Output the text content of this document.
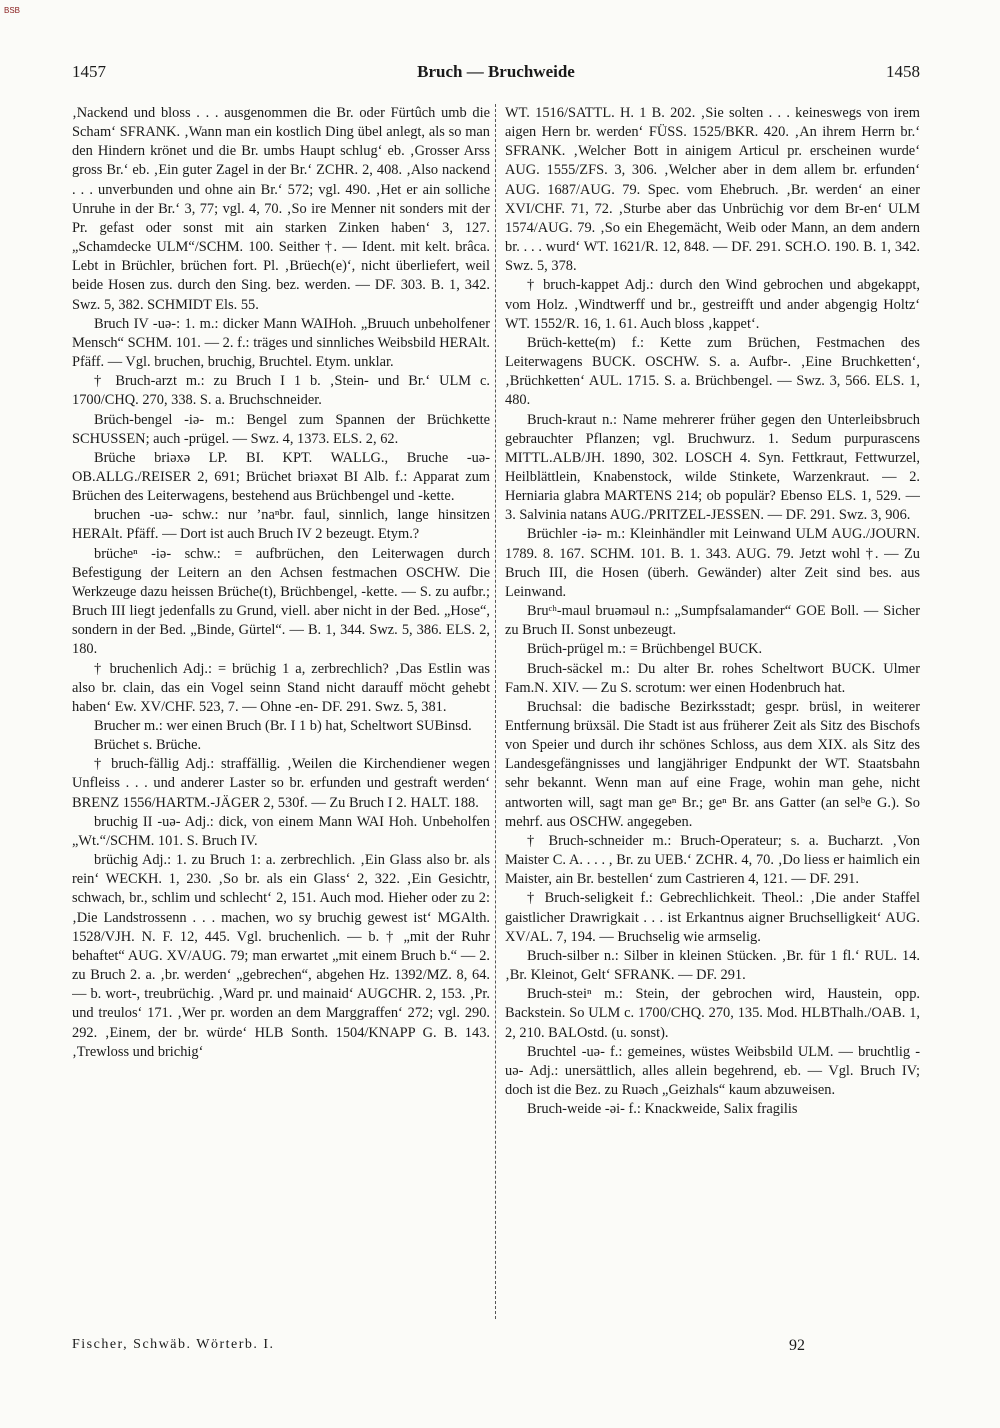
BSB
1457	Bruch — Bruchweide	1458

‚Nackend und bloss . . . ausgenommen die Br. oder Fürtûch umb die Scham‘ SFRANK. ‚Wann man ein kostlich Ding übel anlegt, als so man den Hindern krönet und die Br. umbs Haupt schlug‘ eb. ‚Grosser Arss gross Br.‘ eb. ‚Ein guter Zagel in der Br.‘ ZCHR. 2, 408. ‚Also nackend . . . unverbunden und ohne ain Br.‘ 572; vgl. 490. ‚Het er ain solliche Unruhe in der Br.‘ 3, 77; vgl. 4, 70. ‚So ire Menner nit sonders mit der Pr. gefast oder sonst mit ain starken Zinken haben‘ 3, 127. „Schamdecke ULM“/SCHM. 100. Seither †. — Ident. mit kelt. brâca. Lebt in Brüchler, brüchen fort. Pl. ‚Brüech(e)‘, nicht überliefert, weil beide Hosen zus. durch den Sing. bez. werden. — DF. 303. B. 1, 342. Swz. 5, 382. SCHMIDT Els. 55.

Bruch IV -uə-: 1. m.: dicker Mann WAIHoh. „Bruuch unbeholfener Mensch“ SCHM. 101. — 2. f.: träges und sinnliches Weibsbild HERAlt. Pfäff. — Vgl. bruchen, bruchig, Bruchtel. Etym. unklar.

† Bruch-arzt m.: zu Bruch I 1 b. ‚Stein- und Br.‘ ULM c. 1700/CHQ. 270, 338. S. a. Bruchschneider.

Brüch-bengel -iə- m.: Bengel zum Spannen der Brüchkette SCHUSSEN; auch -prügel. — Swz. 4, 1373. ELS. 2, 62.

Brüche briəxə LP. BI. KPT. WALLG., Bruche -uə- OB.ALLG./REISER 2, 691; Brüchet briəxət BI Alb. f.: Apparat zum Brüchen des Leiterwagens, bestehend aus Brüchbengel und -kette.

bruchen -uə- schw.: nur ’naⁿbr. faul, sinnlich, lange hinsitzen HERAlt. Pfäff. — Dort ist auch Bruch IV 2 bezeugt. Etym.?

brücheⁿ -iə- schw.: = aufbrüchen, den Leiterwagen durch Befestigung der Leitern an den Achsen festmachen OSCHW. Die Werkzeuge dazu heissen Brüche(t), Brüchbengel, -kette. — S. zu aufbr.; Bruch III liegt jedenfalls zu Grund, viell. aber nicht in der Bed. „Hose“, sondern in der Bed. „Binde, Gürtel“. — B. 1, 344. Swz. 5, 386. ELS. 2, 180.

† bruchenlich Adj.: = brüchig 1 a, zerbrechlich? ‚Das Estlin was also br. clain, das ein Vogel seinn Stand nicht darauff möcht gehebt haben‘ Ew. XV/CHF. 523, 7. — Ohne -en- DF. 291. Swz. 5, 381.

Brucher m.: wer einen Bruch (Br. I 1 b) hat, Scheltwort SUBinsd.

Brüchet s. Brüche.

† bruch-fällig Adj.: straffällig. ‚Weilen die Kirchendiener wegen Unfleiss . . . und anderer Laster so br. erfunden und gestraft werden‘ BRENZ 1556/HARTM.-JÄGER 2, 530f. — Zu Bruch I 2. HALT. 188.

bruchig II -uə- Adj.: dick, von einem Mann WAI Hoh. Unbeholfen „Wt.“/SCHM. 101. S. Bruch IV.

brüchig Adj.: 1. zu Bruch 1: a. zerbrechlich. ‚Ein Glass also br. als rein‘ WECKH. 1, 230. ‚So br. als ein Glass‘ 2, 322. ‚Ein Gesichtr, schwach, br., schlim und schlecht‘ 2, 151. Auch mod. Hieher oder zu 2: ‚Die Landstrossenn . . . machen, wo sy bruchig gewest ist‘ MGAlth. 1528/VJH. N. F. 12, 445. Vgl. bruchenlich. — b. † „mit der Ruhr behaftet“ AUG. XV/AUG. 79; man erwartet „mit einem Bruch b.“ — 2. zu Bruch 2. a. ‚br. werden‘ „gebrechen“, abgehen Hz. 1392/MZ. 8, 64. — b. wort-, treubrüchig. ‚Ward pr. und mainaid‘ AUGCHR. 2, 153. ‚Pr. und treulos‘ 171. ‚Wer pr. worden an dem Marggraffen‘ 272; vgl. 290. 292. ‚Einem, der br. würde‘ HLB Sonth. 1504/KNAPP G. B. 143. ‚Trewloss und brichig‘

WT. 1516/SATTL. H. 1 B. 202. ‚Sie solten . . . keineswegs von irem aigen Hern br. werden‘ FÜSS. 1525/BKR. 420. ‚An ihrem Herrn br.‘ SFRANK. ‚Welcher Bott in ainigem Articul pr. erscheinen wurde‘ AUG. 1555/ZFS. 3, 306. ‚Welcher aber in dem allem br. erfunden‘ AUG. 1687/AUG. 79. Spec. vom Ehebruch. ‚Br. werden‘ an einer XVI/CHF. 71, 72. ‚Sturbe aber das Unbrüchig vor dem Br-en‘ ULM 1574/AUG. 79. ‚So ein Ehegemächt, Weib oder Mann, an dem andern br. . . . wurd‘ WT. 1621/R. 12, 848. — DF. 291. SCH.O. 190. B. 1, 342. Swz. 5, 378.

† bruch-kappet Adj.: durch den Wind gebrochen und abgekappt, vom Holz. ‚Windtwerff und br., gestreifft und ander abgengig Holtz‘ WT. 1552/R. 16, 1. 61. Auch bloss ‚kappet‘.

Brüch-kette(m) f.: Kette zum Brüchen, Festmachen des Leiterwagens BUCK. OSCHW. S. a. Aufbr-. ‚Eine Bruchketten‘, ‚Brüchketten‘ AUL. 1715. S. a. Brüchbengel. — Swz. 3, 566. ELS. 1, 480.

Bruch-kraut n.: Name mehrerer früher gegen den Unterleibsbruch gebrauchter Pflanzen; vgl. Bruchwurz. 1. Sedum purpurascens MITTL.ALB/JH. 1890, 302. LOSCH 4. Syn. Fettkraut, Fettwurzel, Heilblättlein, Knabenstock, wilde Stinkete, Warzenkraut. — 2. Herniaria glabra MARTENS 214; ob populär? Ebenso ELS. 1, 529. — 3. Salvinia natans AUG./PRITZEL-JESSEN. — DF. 291. Swz. 3, 906.

Brüchler -iə- m.: Kleinhändler mit Leinwand ULM AUG./JOURN. 1789. 8. 167. SCHM. 101. B. 1. 343. AUG. 79. Jetzt wohl †. — Zu Bruch III, die Hosen (überh. Gewänder) alter Zeit sind bes. aus Leinwand.

Bruᶜʰ-maul bruəməul n.: „Sumpfsalamander“ GOE Boll. — Sicher zu Bruch II. Sonst unbezeugt.

Brüch-prügel m.: = Brüchbengel BUCK.

Bruch-säckel m.: Du alter Br. rohes Scheltwort BUCK. Ulmer Fam.N. XIV. — Zu S. scrotum: wer einen Hodenbruch hat.

Bruchsal: die badische Bezirksstadt; gespr. brüsl, in weiterer Entfernung brüxsäl. Die Stadt ist aus früherer Zeit als Sitz des Bischofs von Speier und durch ihr schönes Schloss, aus dem XIX. als Sitz des Landesgefängnisses und langjähriger Endpunkt der WT. Staatsbahn sehr bekannt. Wenn man auf eine Frage, wohin man gehe, nicht antworten will, sagt man geⁿ Br.; geⁿ Br. ans Gatter (an selᵇe G.). So mehrf. aus OSCHW. angegeben.

† Bruch-schneider m.: Bruch-Operateur; s. a. Bucharzt. ‚Von Maister C. A. . . . , Br. zu UEB.‘ ZCHR. 4, 70. ‚Do liess er haimlich ein Maister, ain Br. bestellen‘ zum Castrieren 4, 121. — DF. 291.

† Bruch-seligkeit f.: Gebrechlichkeit. Theol.: ‚Die ander Staffel gaistlicher Drawrigkait . . . ist Erkantnus aigner Bruchselligkeit‘ AUG. XV/AL. 7, 194. — Bruchselig wie armselig.

Bruch-silber n.: Silber in kleinen Stücken. ‚Br. für 1 fl.‘ RUL. 14. ‚Br. Kleinot, Gelt‘ SFRANK. — DF. 291.

Bruch-steiⁿ m.: Stein, der gebrochen wird, Haustein, opp. Backstein. So ULM c. 1700/CHQ. 270, 135. Mod. HLBThalh./OAB. 1, 2, 210. BALOstd. (u. sonst).

Bruchtel -uə- f.: gemeines, wüstes Weibsbild ULM. — bruchtlig -uə- Adj.: unersättlich, alles allein begehrend, eb. — Vgl. Bruch IV; doch ist die Bez. zu Ruəch „Geizhals“ kaum abzuweisen.

Bruch-weide -əi- f.: Knackweide, Salix fragilis

Fischer, Schwäb. Wörterb. I.	92
